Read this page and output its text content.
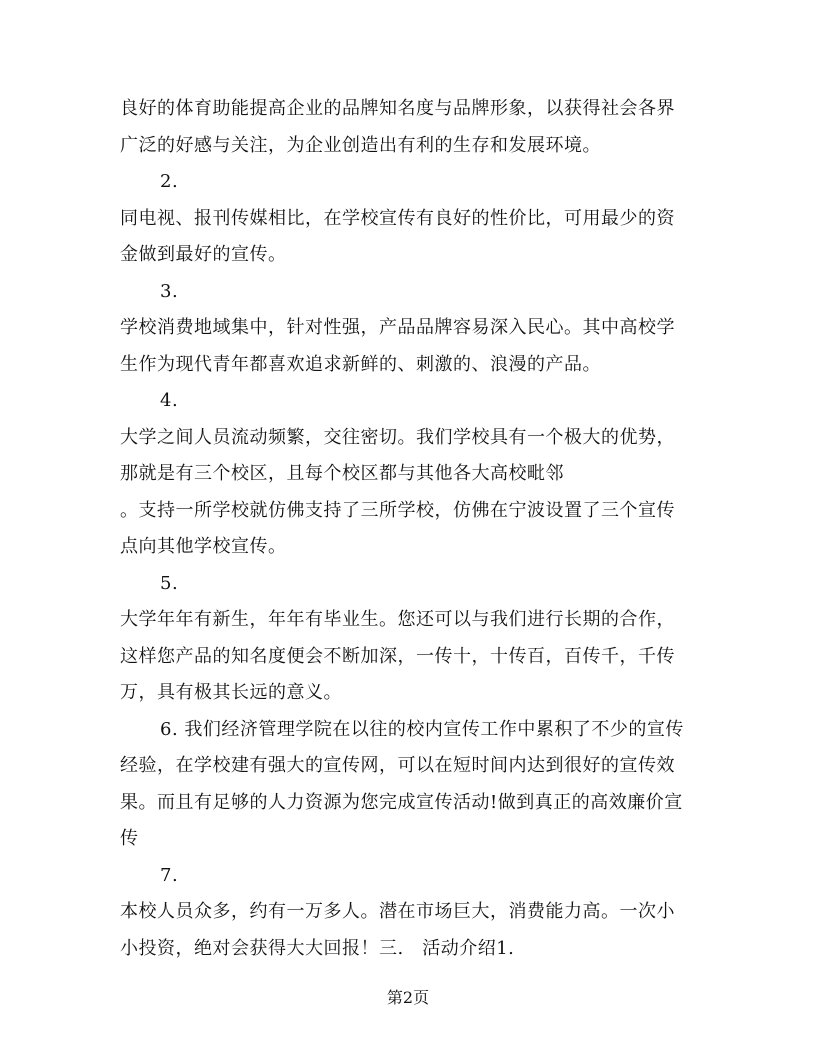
良好的体育助能提高企业的品牌知名度与品牌形象，以获得社会各界
广泛的好感与关注，为企业创造出有利的生存和发展环境。
2.
同电视、报刊传媒相比，在学校宣传有良好的性价比，可用最少的资
金做到最好的宣传。
3.
学校消费地域集中，针对性强，产品品牌容易深入民心。其中高校学
生作为现代青年都喜欢追求新鲜的、刺激的、浪漫的产品。
4.
大学之间人员流动频繁，交往密切。我们学校具有一个极大的优势，
那就是有三个校区，且每个校区都与其他各大高校毗邻
。支持一所学校就仿佛支持了三所学校，仿佛在宁波设置了三个宣传
点向其他学校宣传。
5.
大学年年有新生，年年有毕业生。您还可以与我们进行长期的合作，
这样您产品的知名度便会不断加深，一传十，十传百，百传千，千传
万，具有极其长远的意义。
6. 我们经济管理学院在以往的校内宣传工作中累积了不少的宣传
经验，在学校建有强大的宣传网，可以在短时间内达到很好的宣传效
果。而且有足够的人力资源为您完成宣传活动!做到真正的高效廉价宣
传
7.
本校人员众多，约有一万多人。潜在市场巨大，消费能力高。一次小
小投资，绝对会获得大大回报！三.　活动介绍1.
第2页
